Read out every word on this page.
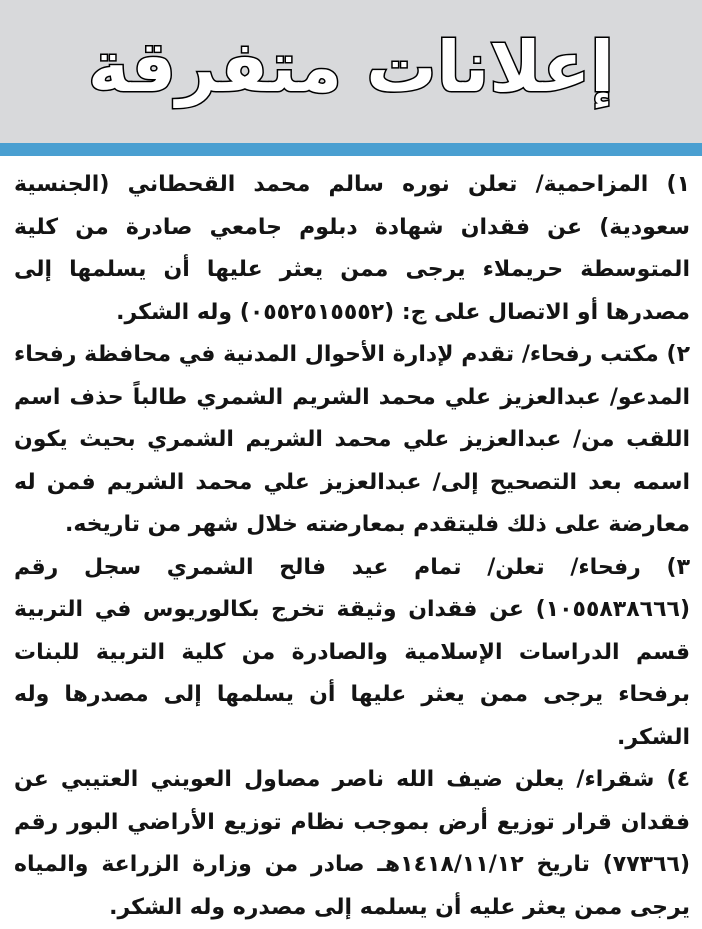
إعلانات متفرقة

١) المزاحمية/ تعلن نوره سالم محمد القحطاني (الجنسية سعودية) عن فقدان شهادة دبلوم جامعي صادرة من كلية المتوسطة حريملاء يرجى ممن يعثر عليها أن يسلمها إلى مصدرها أو الاتصال على ج: (٠٥٥٢٥١٥٥٥٢) وله الشكر.

٢) مكتب رفحاء/ تقدم لإدارة الأحوال المدنية في محافظة رفحاء المدعو/ عبدالعزيز علي محمد الشريم الشمري طالباً حذف اسم اللقب من/ عبدالعزيز علي محمد الشريم الشمري بحيث يكون اسمه بعد التصحيح إلى/ عبدالعزيز علي محمد الشريم فمن له معارضة على ذلك فليتقدم بمعارضته خلال شهر من تاريخه.

٣) رفحاء/ تعلن/ تمام عيد فالح الشمري سجل رقم (١٠٥٥٨٣٨٦٦٦) عن فقدان وثيقة تخرج بكالوريوس في التربية قسم الدراسات الإسلامية والصادرة من كلية التربية للبنات برفحاء يرجى ممن يعثر عليها أن يسلمها إلى مصدرها وله الشكر.

٤) شقراء/ يعلن ضيف الله ناصر مصاول العويني العتيبي عن فقدان قرار توزيع أرض بموجب نظام توزيع الأراضي البور رقم (٧٧٣٦٦) تاريخ ١٤١٨/١١/١٢هـ صادر من وزارة الزراعة والمياه يرجى ممن يعثر عليه أن يسلمه إلى مصدره وله الشكر.
